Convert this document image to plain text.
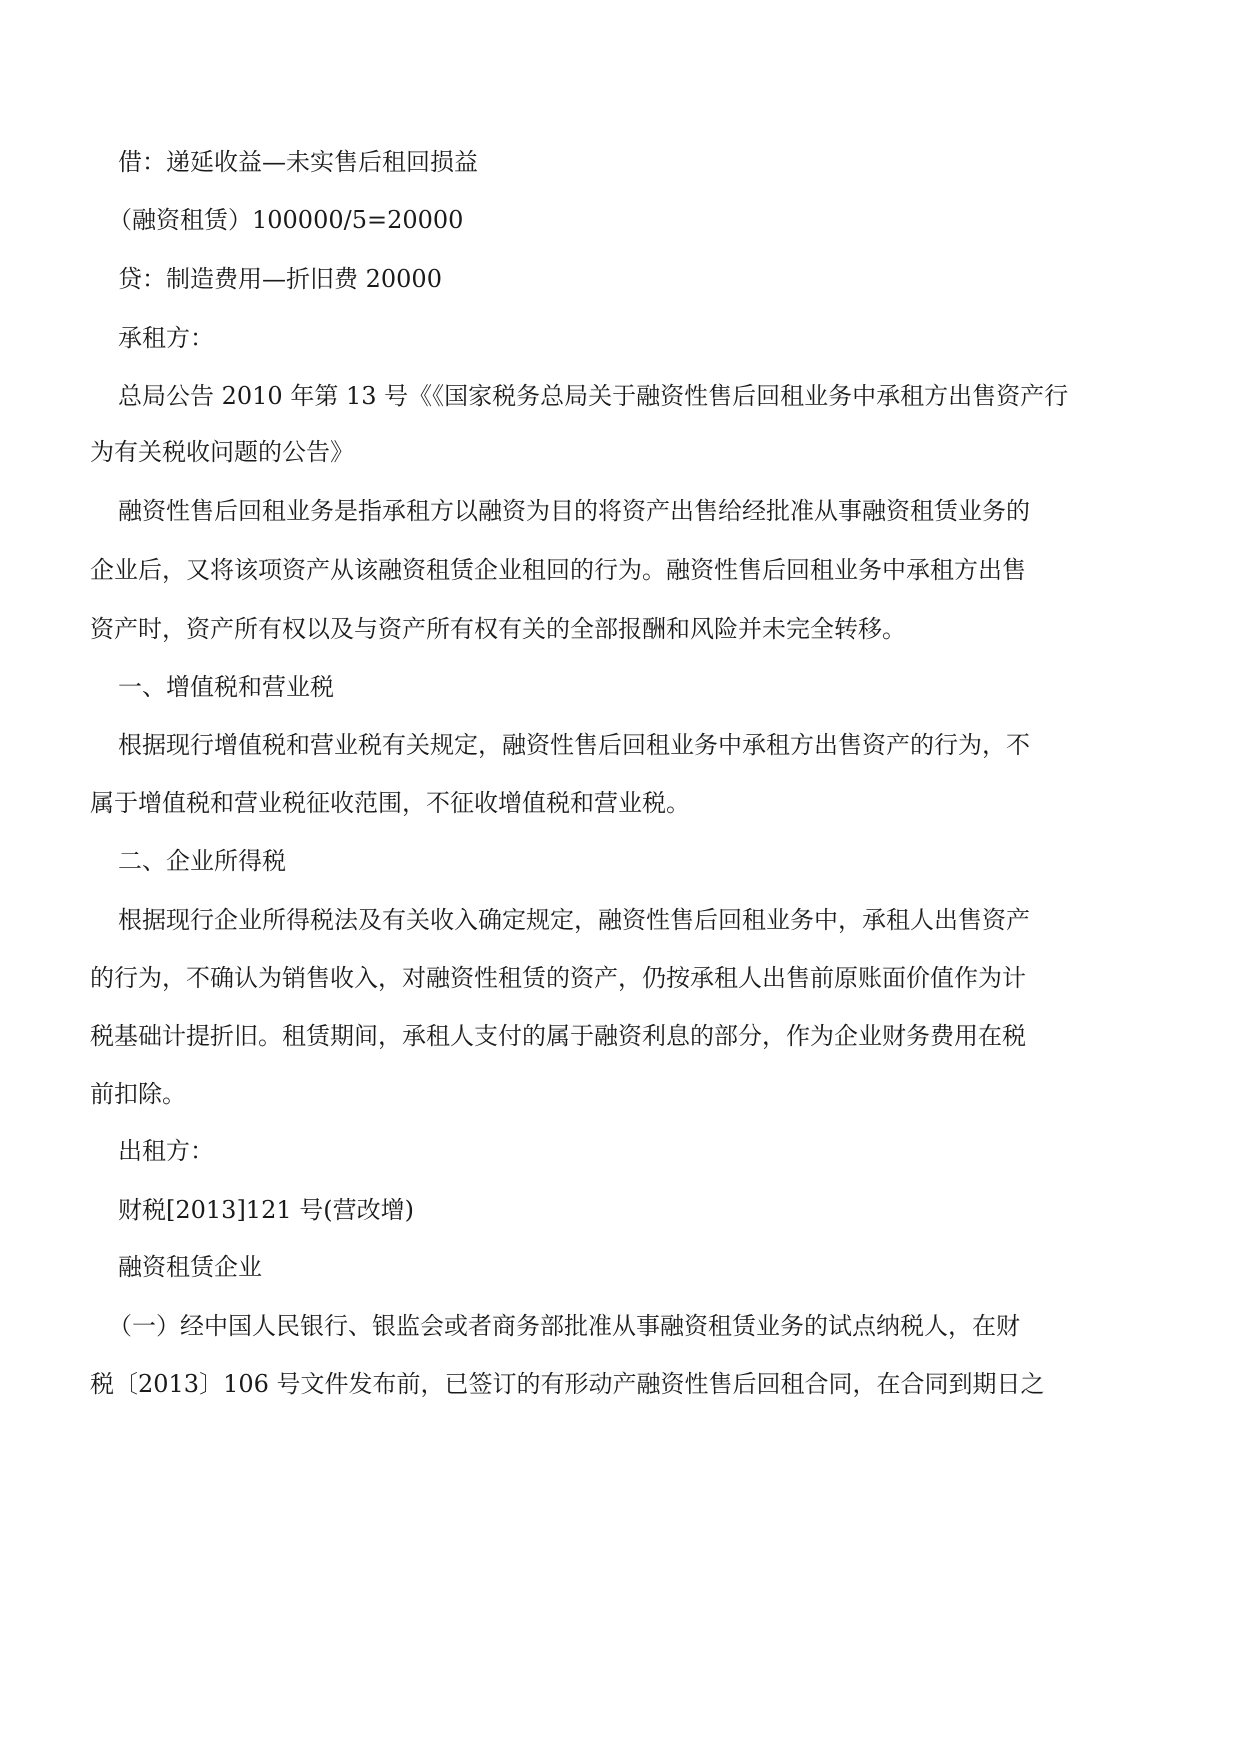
借：递延收益—未实售后租回损益
（融资租赁）100000/5=20000
贷：制造费用—折旧费 20000
承租方：
总局公告 2010 年第 13 号《《国家税务总局关于融资性售后回租业务中承租方出售资产行
为有关税收问题的公告》
融资性售后回租业务是指承租方以融资为目的将资产出售给经批准从事融资租赁业务的
企业后，又将该项资产从该融资租赁企业租回的行为。融资性售后回租业务中承租方出售
资产时，资产所有权以及与资产所有权有关的全部报酬和风险并未完全转移。
一、增值税和营业税
根据现行增值税和营业税有关规定，融资性售后回租业务中承租方出售资产的行为，不
属于增值税和营业税征收范围，不征收增值税和营业税。
二、企业所得税
根据现行企业所得税法及有关收入确定规定，融资性售后回租业务中，承租人出售资产
的行为，不确认为销售收入，对融资性租赁的资产，仍按承租人出售前原账面价值作为计
税基础计提折旧。租赁期间，承租人支付的属于融资利息的部分，作为企业财务费用在税
前扣除。
出租方：
财税[2013]121 号(营改增)
融资租赁企业
（一）经中国人民银行、银监会或者商务部批准从事融资租赁业务的试点纳税人，在财
税〔2013〕106 号文件发布前，已签订的有形动产融资性售后回租合同，在合同到期日之
